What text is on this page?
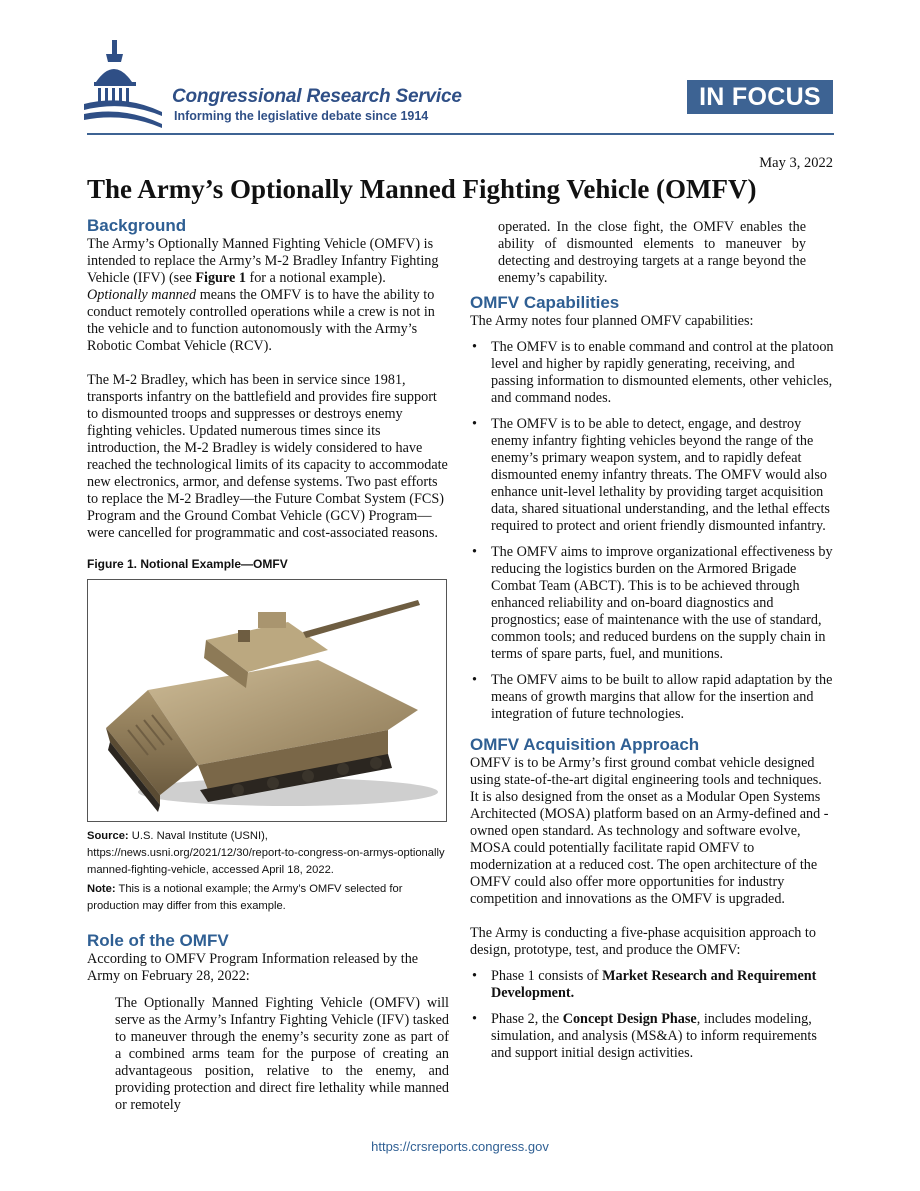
Congressional Research Service
Informing the legislative debate since 1914
IN FOCUS
May 3, 2022
The Army’s Optionally Manned Fighting Vehicle (OMFV)
Background

The Army’s Optionally Manned Fighting Vehicle (OMFV) is intended to replace the Army’s M-2 Bradley Infantry Fighting Vehicle (IFV) (see Figure 1 for a notional example). Optionally manned means the OMFV is to have the ability to conduct remotely controlled operations while a crew is not in the vehicle and to function autonomously with the Army’s Robotic Combat Vehicle (RCV).

The M-2 Bradley, which has been in service since 1981, transports infantry on the battlefield and provides fire support to dismounted troops and suppresses or destroys enemy fighting vehicles. Updated numerous times since its introduction, the M-2 Bradley is widely considered to have reached the technological limits of its capacity to accommodate new electronics, armor, and defense systems. Two past efforts to replace the M-2 Bradley—the Future Combat System (FCS) Program and the Ground Combat Vehicle (GCV) Program—were cancelled for programmatic and cost-associated reasons.

Figure 1. Notional Example—OMFV
Source: U.S. Naval Institute (USNI), https://news.usni.org/2021/12/30/report-to-congress-on-armys-optionally manned-fighting-vehicle, accessed April 18, 2022.
Note: This is a notional example; the Army’s OMFV selected for production may differ from this example.
Role of the OMFV

According to OMFV Program Information released by the Army on February 28, 2022:

The Optionally Manned Fighting Vehicle (OMFV) will serve as the Army’s Infantry Fighting Vehicle (IFV) tasked to maneuver through the enemy’s security zone as part of a combined arms team for the purpose of creating an advantageous position, relative to the enemy, and providing protection and direct fire lethality while manned or remotely

operated. In the close fight, the OMFV enables the ability of dismounted elements to maneuver by detecting and destroying targets at a range beyond the enemy’s capability.

OMFV Capabilities

The Army notes four planned OMFV capabilities:

• The OMFV is to enable command and control at the platoon level and higher by rapidly generating, receiving, and passing information to dismounted elements, other vehicles, and command nodes.
• The OMFV is to be able to detect, engage, and destroy enemy infantry fighting vehicles beyond the range of the enemy’s primary weapon system, and to rapidly defeat dismounted enemy infantry threats. The OMFV would also enhance unit-level lethality by providing target acquisition data, shared situational understanding, and the lethal effects required to protect and orient friendly dismounted infantry.
• The OMFV aims to improve organizational effectiveness by reducing the logistics burden on the Armored Brigade Combat Team (ABCT). This is to be achieved through enhanced reliability and on-board diagnostics and prognostics; ease of maintenance with the use of standard, common tools; and reduced burdens on the supply chain in terms of spare parts, fuel, and munitions.
• The OMFV aims to be built to allow rapid adaptation by the means of growth margins that allow for the insertion and integration of future technologies.
OMFV Acquisition Approach

OMFV is to be Army’s first ground combat vehicle designed using state-of-the-art digital engineering tools and techniques. It is also designed from the onset as a Modular Open Systems Architected (MOSA) platform based on an Army-defined and -owned open standard. As technology and software evolve, MOSA could potentially facilitate rapid OMFV to modernization at a reduced cost. The open architecture of the OMFV could also offer more opportunities for industry competition and innovations as the OMFV is upgraded.

The Army is conducting a five-phase acquisition approach to design, prototype, test, and produce the OMFV:

• Phase 1 consists of Market Research and Requirement Development.
• Phase 2, the Concept Design Phase, includes modeling, simulation, and analysis (MS&A) to inform requirements and support initial design activities.
https://crsreports.congress.gov
